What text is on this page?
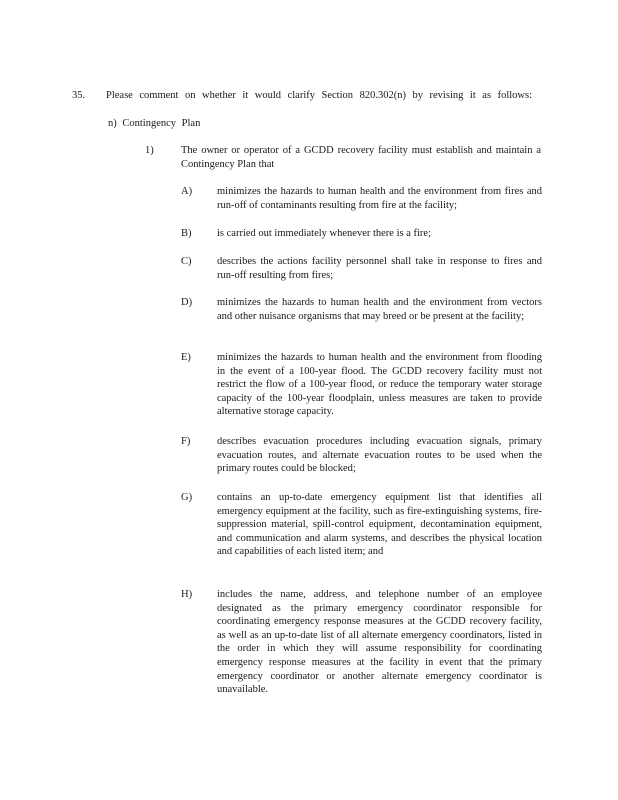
35. Please comment on whether it would clarify Section 820.302(n) by revising it as follows:
n) Contingency Plan
1)	The owner or operator of a GCDD recovery facility must establish and maintain a Contingency Plan that
A) minimizes the hazards to human health and the environment from fires and run-off of contaminants resulting from fire at the facility;
B) is carried out immediately whenever there is a fire;
C) describes the actions facility personnel shall take in response to fires and run-off resulting from fires;
D) minimizes the hazards to human health and the environment from vectors and other nuisance organisms that may breed or be present at the facility;
E) minimizes the hazards to human health and the environment from flooding in the event of a 100-year flood. The GCDD recovery facility must not restrict the flow of a 100-year flood, or reduce the temporary water storage capacity of the 100-year floodplain, unless measures are taken to provide alternative storage capacity.
F)	describes evacuation procedures including evacuation signals, primary evacuation routes, and alternate evacuation routes to be used when the primary routes could be blocked;
G) contains an up-to-date emergency equipment list that identifies all emergency equipment at the facility, such as fire-extinguishing systems, fire-suppression material, spill-control equipment, decontamination equipment, and communication and alarm systems, and describes the physical location and capabilities of each listed item; and
H) includes the name, address, and telephone number of an employee designated as the primary emergency coordinator responsible for coordinating emergency response measures at the GCDD recovery facility, as well as an up-to-date list of all alternate emergency coordinators, listed in the order in which they will assume responsibility for coordinating emergency response measures at the facility in event that the primary emergency coordinator or another alternate emergency coordinator is unavailable.
